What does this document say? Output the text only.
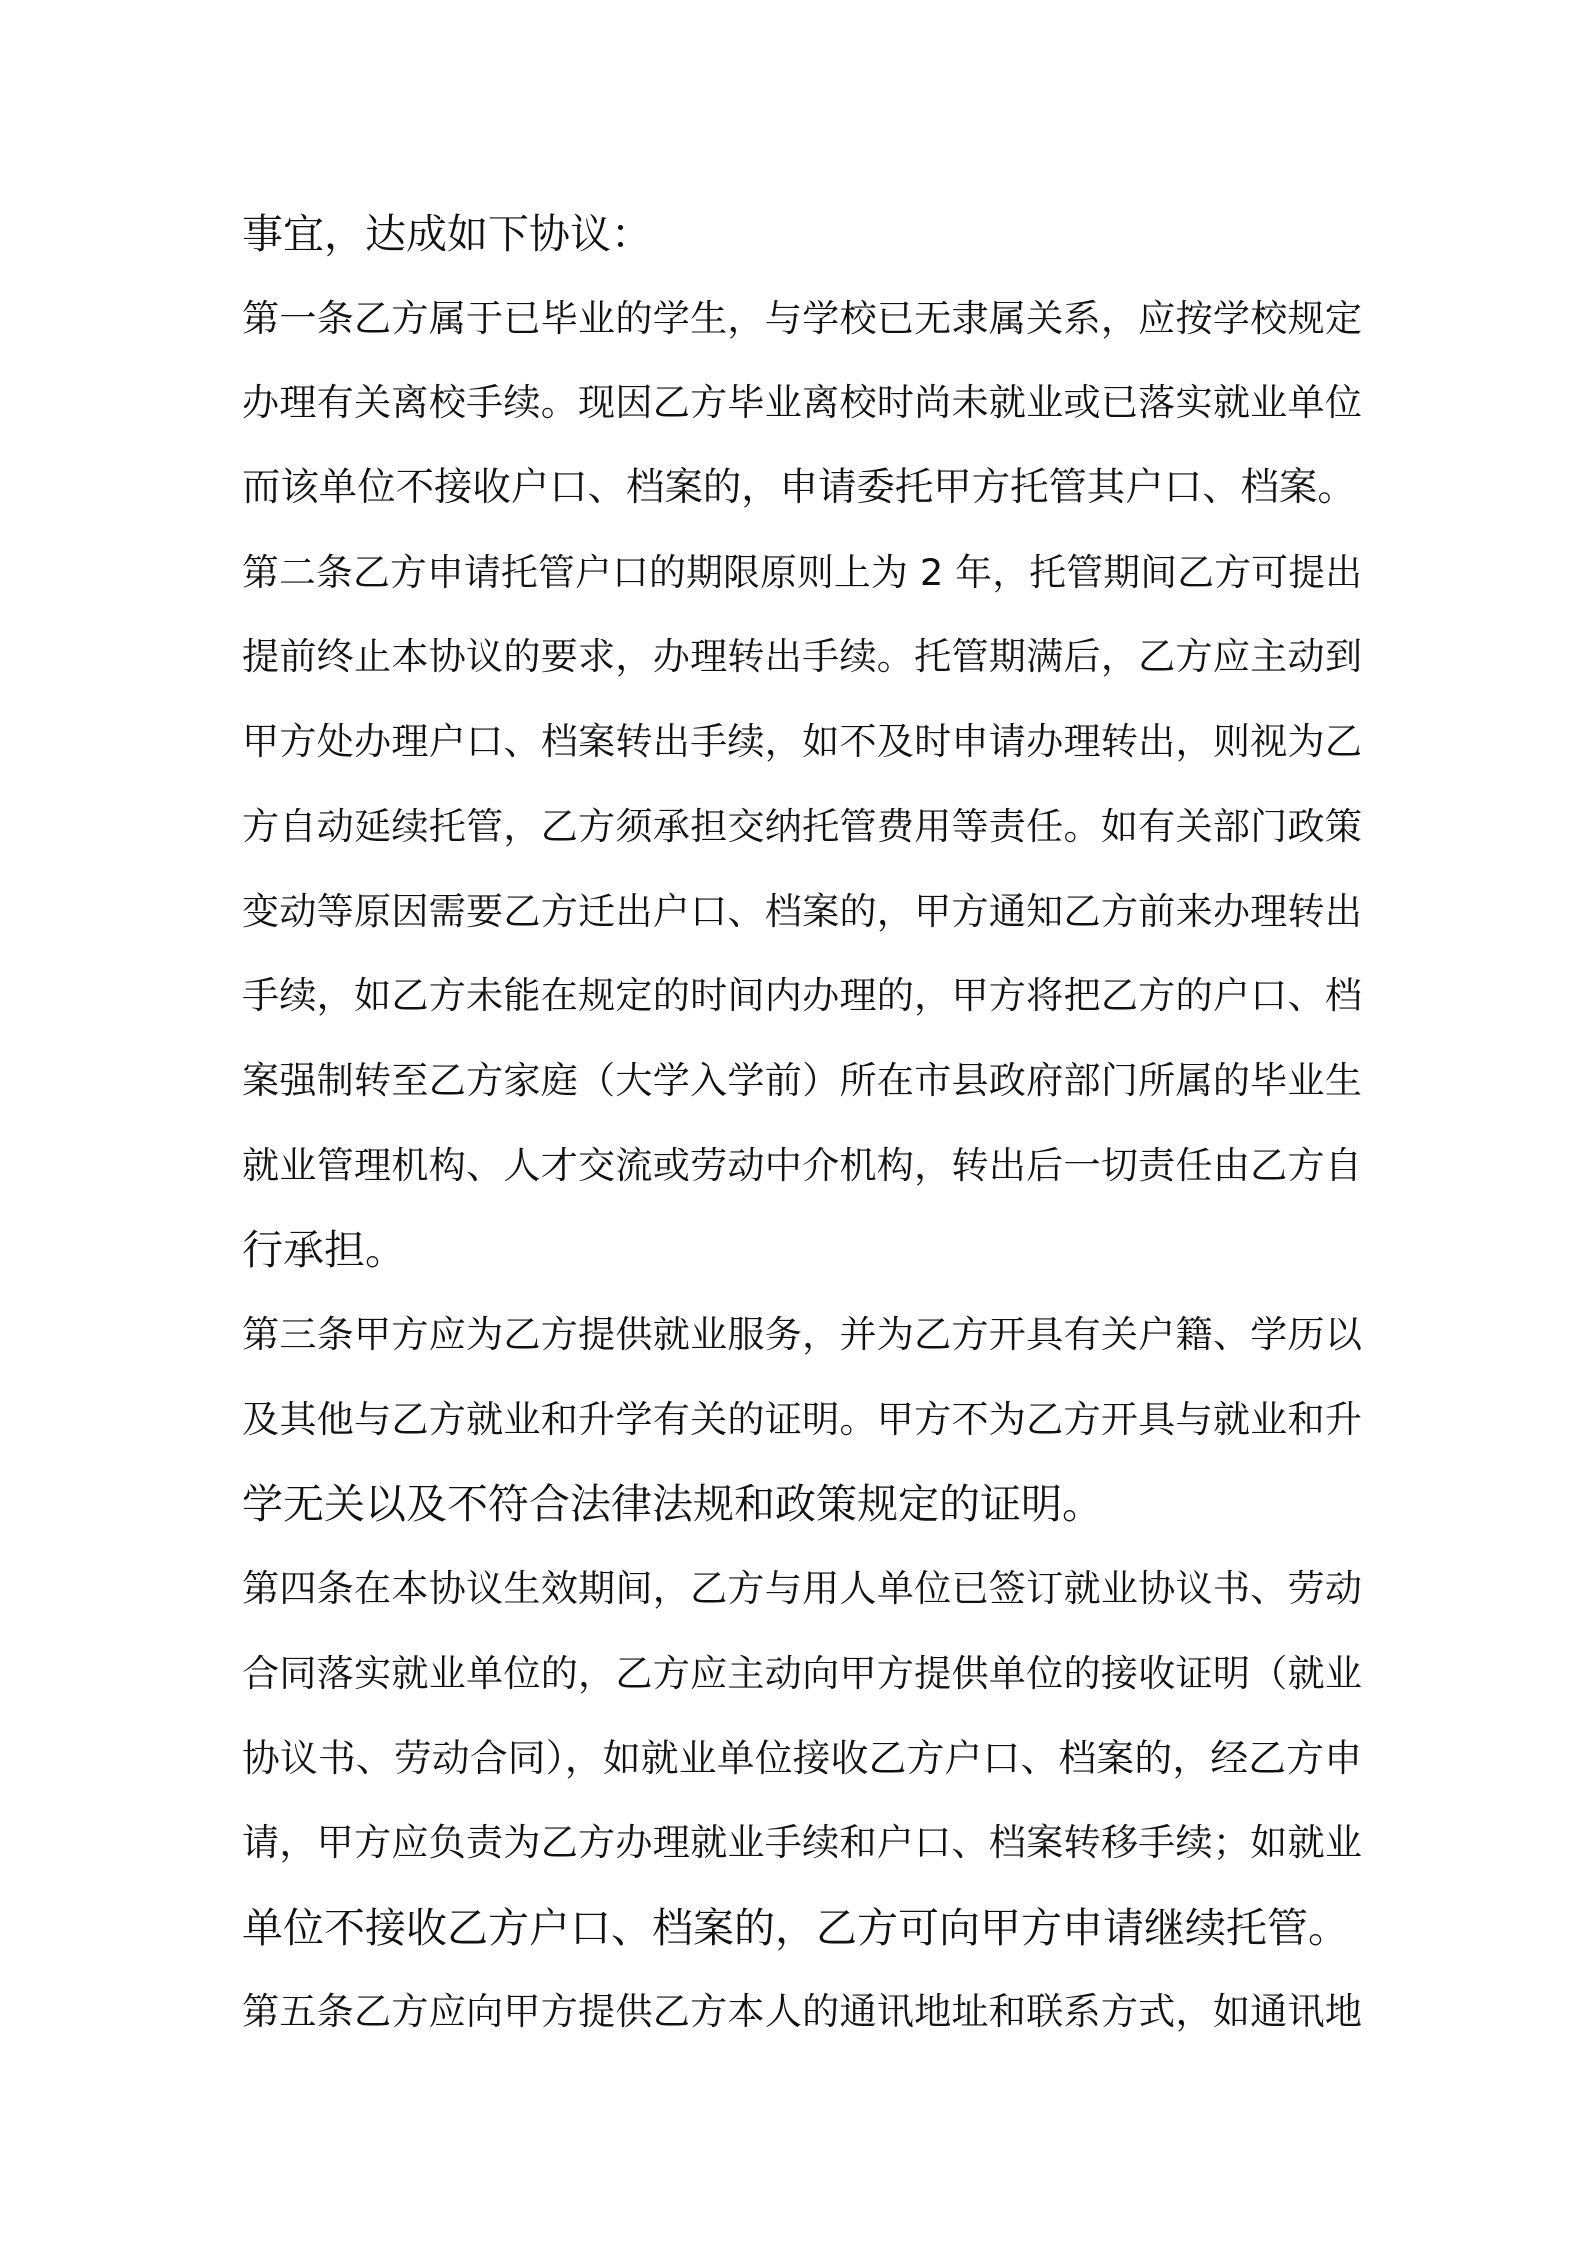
事宜，达成如下协议：
第一条乙方属于已毕业的学生，与学校已无隶属关系，应按学校规定
办理有关离校手续。现因乙方毕业离校时尚未就业或已落实就业单位
而该单位不接收户口、档案的，申请委托甲方托管其户口、档案。
第二条乙方申请托管户口的期限原则上为 2 年，托管期间乙方可提出
提前终止本协议的要求，办理转出手续。托管期满后，乙方应主动到
甲方处办理户口、档案转出手续，如不及时申请办理转出，则视为乙
方自动延续托管，乙方须承担交纳托管费用等责任。如有关部门政策
变动等原因需要乙方迁出户口、档案的，甲方通知乙方前来办理转出
手续，如乙方未能在规定的时间内办理的，甲方将把乙方的户口、档
案强制转至乙方家庭（大学入学前）所在市县政府部门所属的毕业生
就业管理机构、人才交流或劳动中介机构，转出后一切责任由乙方自
行承担。
第三条甲方应为乙方提供就业服务，并为乙方开具有关户籍、学历以
及其他与乙方就业和升学有关的证明。甲方不为乙方开具与就业和升
学无关以及不符合法律法规和政策规定的证明。
第四条在本协议生效期间，乙方与用人单位已签订就业协议书、劳动
合同落实就业单位的，乙方应主动向甲方提供单位的接收证明（就业
协议书、劳动合同），如就业单位接收乙方户口、档案的，经乙方申
请，甲方应负责为乙方办理就业手续和户口、档案转移手续；如就业
单位不接收乙方户口、档案的，乙方可向甲方申请继续托管。
第五条乙方应向甲方提供乙方本人的通讯地址和联系方式，如通讯地
